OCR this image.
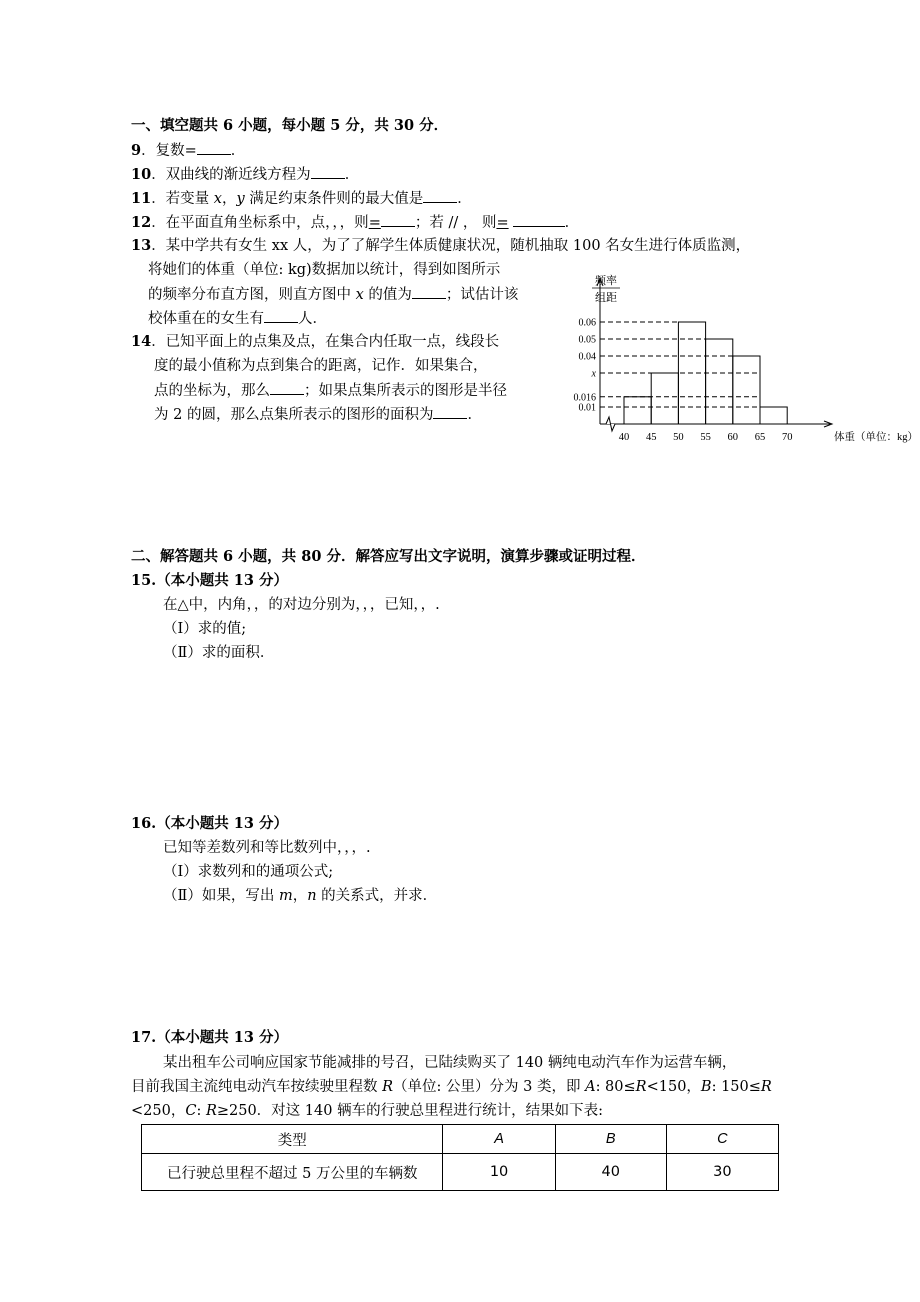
一、填空题共 6 小题，每小题 5 分，共 30 分．
9．复数= ．
10．双曲线的渐近线方程为 ．
11．若变量 x，y 满足约束条件则的最大值是 ．
12．在平面直角坐标系中，点，，，则= ；若 // ， 则=	．
13．某中学共有女生 xx 人，为了了解学生体质健康状况，随机抽取 100 名女生进行体质监测，
将她们的体重（单位: kg)数据加以统计，得到如图所示
的频率分布直方图，则直方图中 x 的值为 ；试估计该
校体重在的女生有 人．
14．已知平面上的点集及点，在集合内任取一点，线段长
度的最小值称为点到集合的距离，记作．如果集合，
点的坐标为，那么 ；如果点集所表示的图形是半径
为 2 的圆，那么点集所表示的图形的面积为 ．
0.06
0.05
0.04
x
0.016
0.01
40 45 50 55 60 65 70
频率
组距
体重（单位：kg）
二、解答题共 6 小题，共 80 分．解答应写出文字说明，演算步骤或证明过程．
15.（本小题共 13 分）
在△中，内角，，的对边分别为，，，已知，，.
（Ⅰ）求的值;
（Ⅱ）求的面积．
16.（本小题共 13 分）
已知等差数列和等比数列中，，，.
（Ⅰ）求数列和的通项公式;
（Ⅱ）如果，写出 m，n 的关系式，并求．
17.（本小题共 13 分）
某出租车公司响应国家节能减排的号召，已陆续购买了 140 辆纯电动汽车作为运营车辆，
目前我国主流纯电动汽车按续驶里程数 R（单位: 公里）分为 3 类，即 A: 80≤R<150，B: 150≤R
<250，C: R≥250．对这 140 辆车的行驶总里程进行统计，结果如下表:
类型	A	B	C
已行驶总里程不超过 5 万公里的车辆数	10	40	30
